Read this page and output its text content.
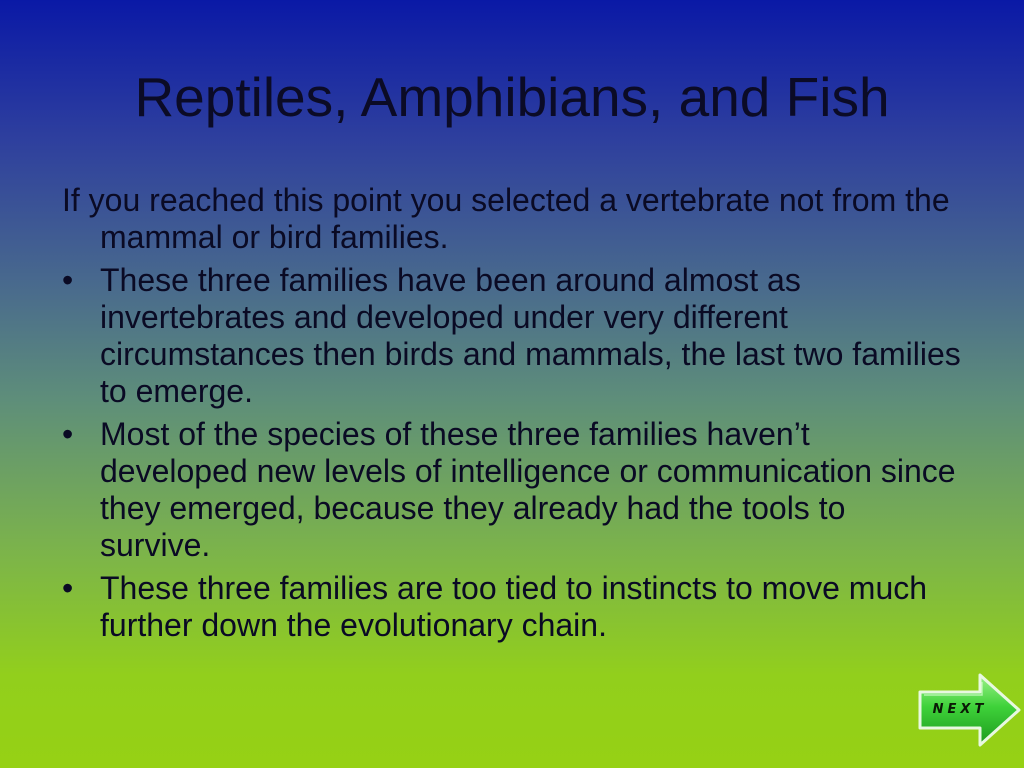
Reptiles, Amphibians, and Fish

If you reached this point you selected a vertebrate not from the mammal or bird families.

• These three families have been around almost as invertebrates and developed under very different circumstances then birds and mammals, the last two families to emerge.
• Most of the species of these three families haven’t developed new levels of intelligence or communication since they emerged, because they already had the tools to survive.
• These three families are too tied to instincts to move much further down the evolutionary chain.
NEXT
